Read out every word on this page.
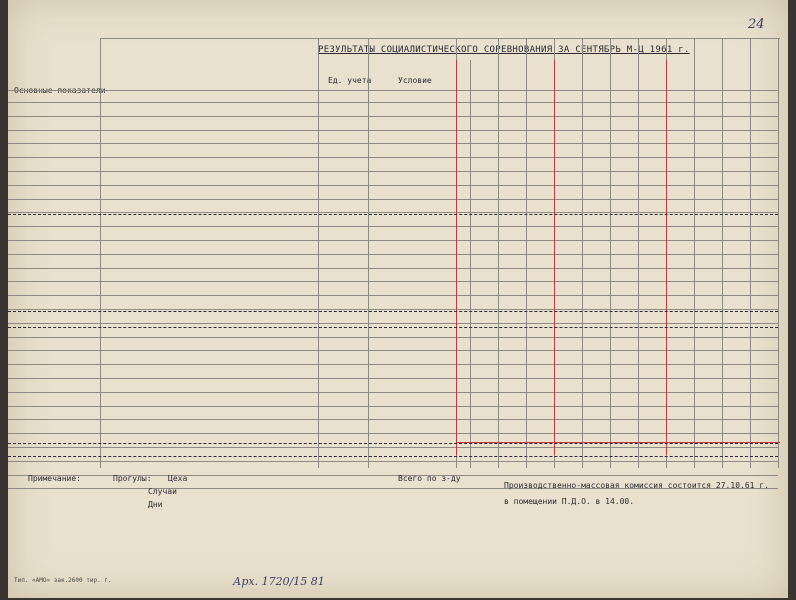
24
РЕЗУЛЬТАТЫ СОЦИАЛИСТИЧЕСКОГО СОРЕВНОВАНИЯ ЗА СЕНТЯБРЬ М-Ц 1961 г.
Основные показатели
Ед. учета	Условие
Примечание:	Прогулы: Цеха
Случаи
Дни
Всего по з-ду
Производственно-массовая комиссия состоится 27.10.61 г.
в помещении П.Д.О. в 14.00.
Тип. «АМО» зак.2600 тир. г.	Арх. 1720/15 81
